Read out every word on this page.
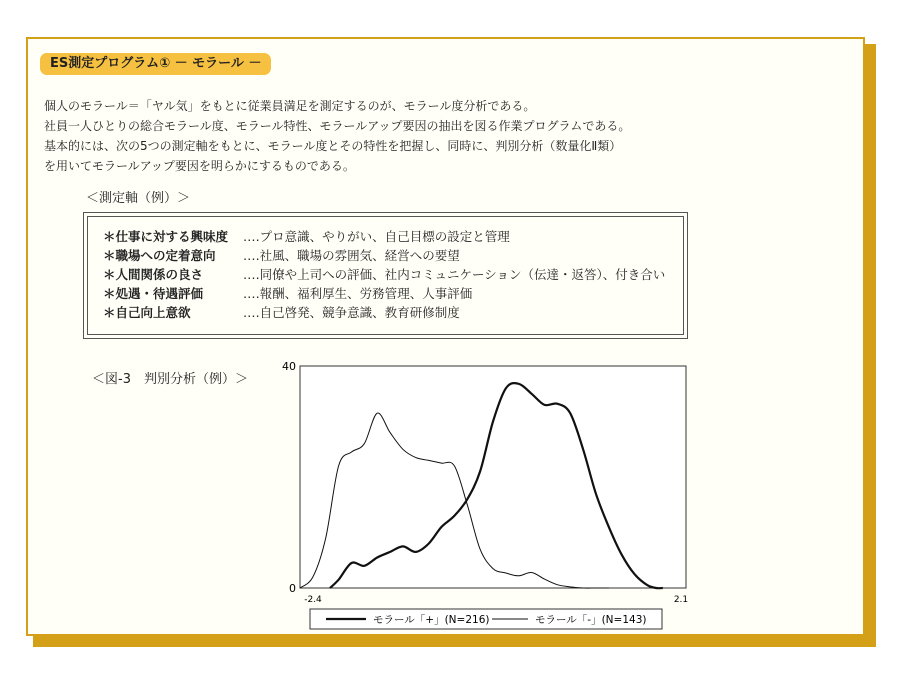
ES測定プログラム① － モラール －
個人のモラール＝「ヤル気」をもとに従業員満足を測定するのが、モラール度分析である。
社員一人ひとりの総合モラール度、モラール特性、モラールアップ要因の抽出を図る作業プログラムである。
基本的には、次の5つの測定軸をもとに、モラール度とその特性を把握し、同時に、判別分析（数量化Ⅱ類）
を用いてモラールアップ要因を明らかにするものである。
＜測定軸（例）＞
＊仕事に対する興味度 ‥‥プロ意識、やりがい、自己目標の設定と管理
＊職場への定着意向 ‥‥社風、職場の雰囲気、経営への要望
＊人間関係の良さ	‥‥同僚や上司への評価、社内コミュニケーション（伝達・返答）、付き合い
＊処遇・待遇評価	‥‥報酬、福利厚生、労務管理、人事評価
＊自己向上意欲	‥‥自己啓発、競争意識、教育研修制度
＜図-3　判別分析（例）＞
40
0
-2.4	2.1
モラール「+」(N=216)	モラール「-」(N=143)
